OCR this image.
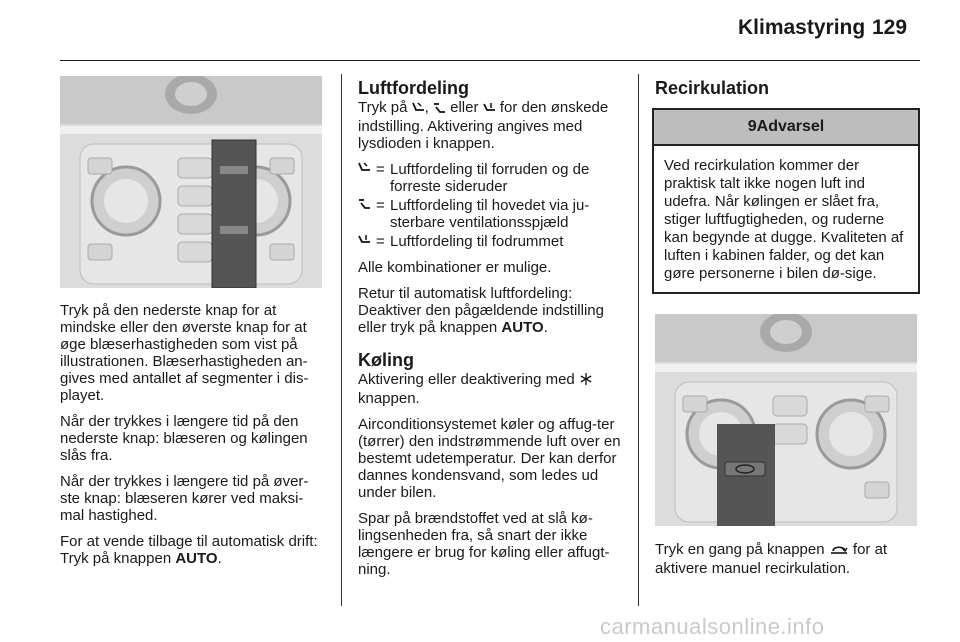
Klimastyring 129

Tryk på den nederste knap for at mindske eller den øverste knap for at øge blæserhastigheden som vist på illustrationen. Blæserhastigheden an-gives med antallet af segmenter i dis-playet.

Når der trykkes i længere tid på den nederste knap: blæseren og kølingen slås fra.

Når der trykkes i længere tid på øver-ste knap: blæseren kører ved maksi-mal hastighed.

For at vende tilbage til automatisk drift: Tryk på knappen AUTO.

Luftfordeling

Tryk på ,  eller  for den ønskede indstilling. Aktivering angives med lysdioden i knappen.

= Luftfordeling til forruden og de forreste sideruder
= Luftfordeling til hovedet via ju-sterbare ventilationsspjæld
= Luftfordeling til fodrummet

Alle kombinationer er mulige.

Retur til automatisk luftfordeling: Deaktiver den pågældende indstilling eller tryk på knappen AUTO.

Køling

Aktivering eller deaktivering med  knappen.

Airconditionsystemet køler og affug-ter (tørrer) den indstrømmende luft over en bestemt udetemperatur. Der kan derfor dannes kondensvand, som ledes ud under bilen.

Spar på brændstoffet ved at slå kø-lingsenheden fra, så snart der ikke længere er brug for køling eller affugt-ning.

Recirkulation
9Advarsel
Ved recirkulation kommer der praktisk talt ikke nogen luft ind udefra. Når kølingen er slået fra, stiger luftfugtigheden, og ruderne kan begynde at dugge. Kvaliteten af luften i kabinen falder, og det kan gøre personerne i bilen dø-sige.

Tryk en gang på knappen  for at aktivere manuel recirkulation.

carmanualsonline.info
